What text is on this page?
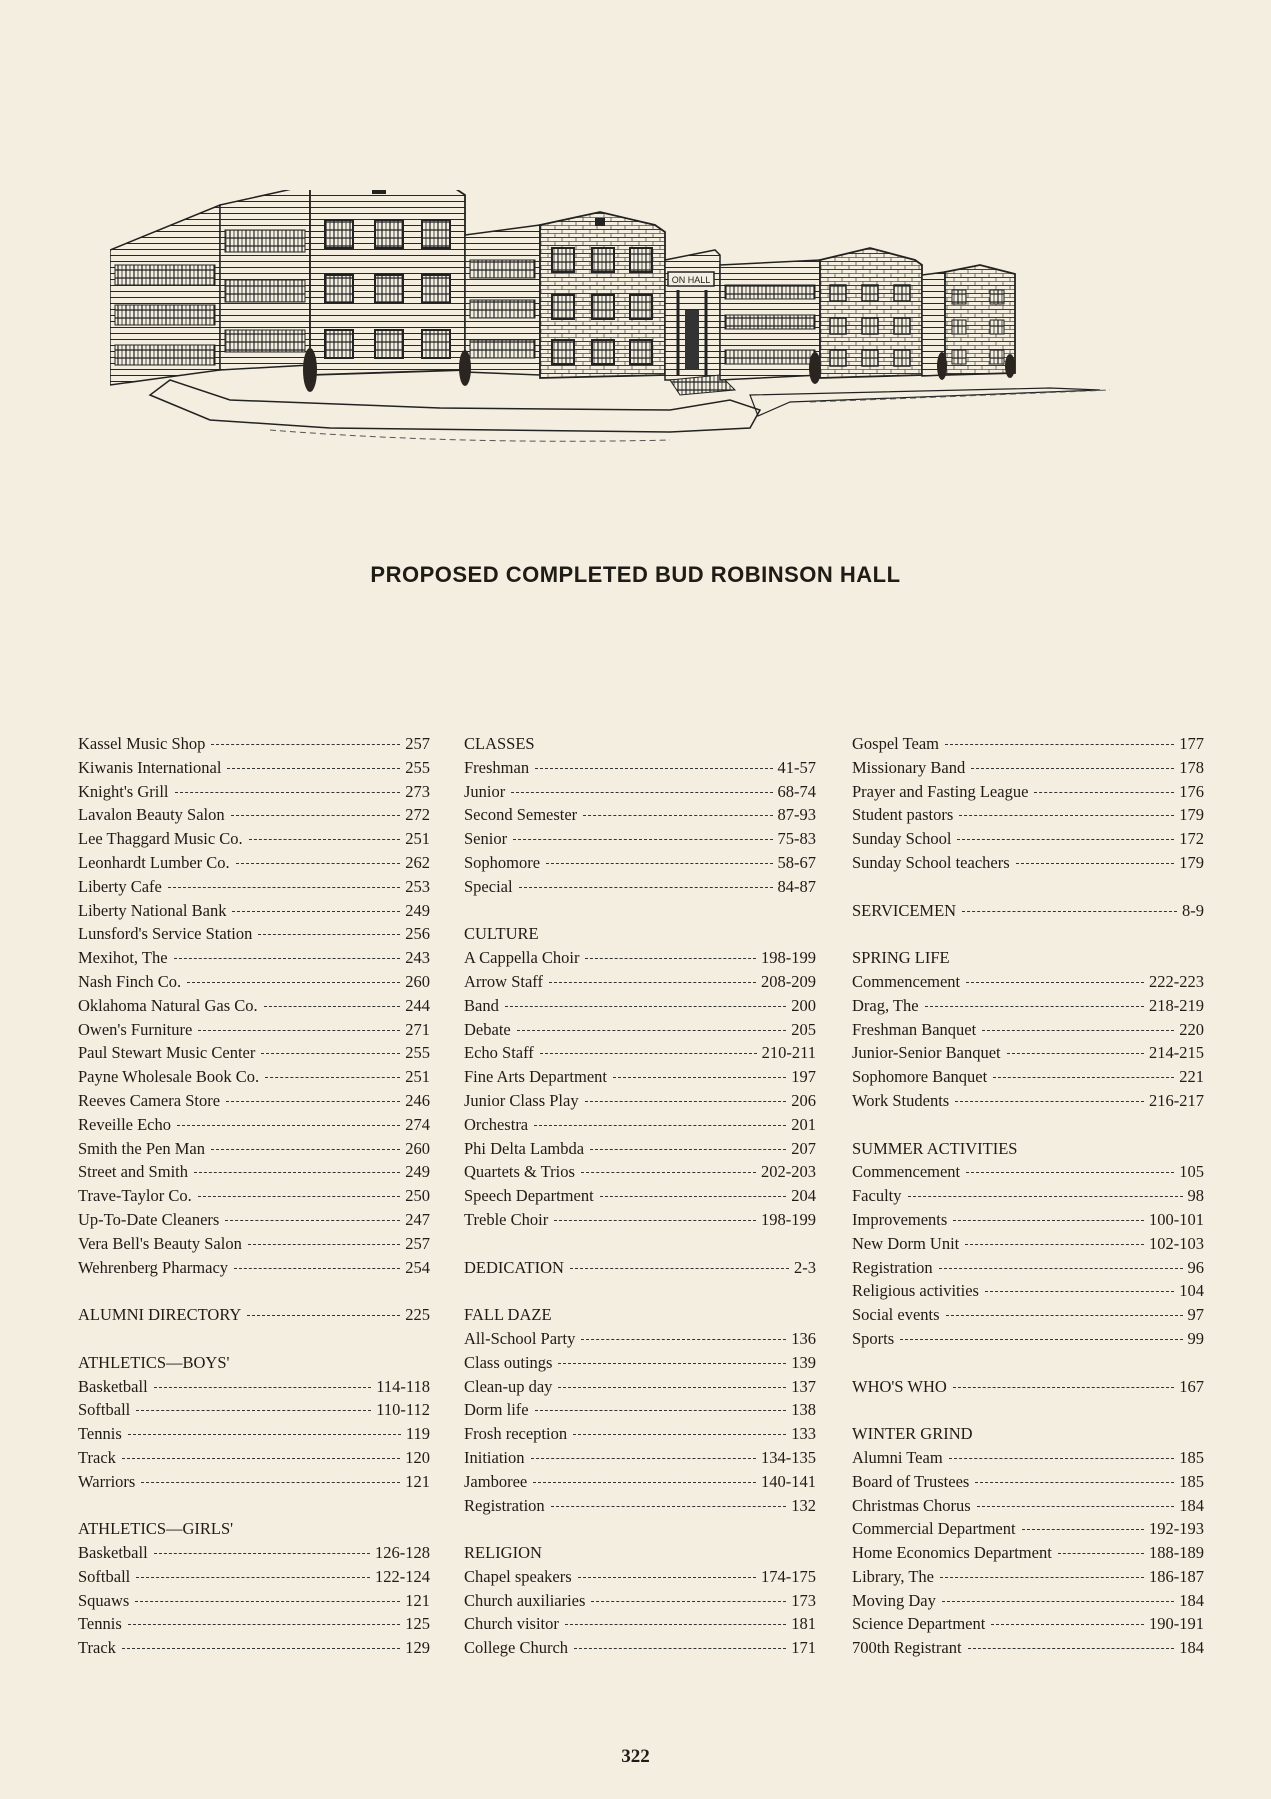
ON HALL
PROPOSED COMPLETED BUD ROBINSON HALL
Kassel Music Shop	257
Kiwanis International	255
Knight's Grill	273
Lavalon Beauty Salon	272
Lee Thaggard Music Co.	251
Leonhardt Lumber Co.	262
Liberty Cafe	253
Liberty National Bank	249
Lunsford's Service Station	256
Mexihot, The	243
Nash Finch Co.	260
Oklahoma Natural Gas Co.	244
Owen's Furniture	271
Paul Stewart Music Center	255
Payne Wholesale Book Co.	251
Reeves Camera Store	246
Reveille Echo	274
Smith the Pen Man	260
Street and Smith	249
Trave-Taylor Co.	250
Up-To-Date Cleaners	247
Vera Bell's Beauty Salon	257
Wehrenberg Pharmacy	254
ALUMNI DIRECTORY	225
ATHLETICS—BOYS'
Basketball	114-118
Softball	110-112
Tennis	119
Track	120
Warriors	121
ATHLETICS—GIRLS'
Basketball	126-128
Softball	122-124
Squaws	121
Tennis	125
Track	129
CLASSES
Freshman	41-57
Junior	68-74
Second Semester	87-93
Senior	75-83
Sophomore	58-67
Special	84-87
CULTURE
A Cappella Choir	198-199
Arrow Staff	208-209
Band	200
Debate	205
Echo Staff	210-211
Fine Arts Department	197
Junior Class Play	206
Orchestra	201
Phi Delta Lambda	207
Quartets & Trios	202-203
Speech Department	204
Treble Choir	198-199
DEDICATION	2-3
FALL DAZE
All-School Party	136
Class outings	139
Clean-up day	137
Dorm life	138
Frosh reception	133
Initiation	134-135
Jamboree	140-141
Registration	132
RELIGION
Chapel speakers	174-175
Church auxiliaries	173
Church visitor	181
College Church	171
Gospel Team	177
Missionary Band	178
Prayer and Fasting League	176
Student pastors	179
Sunday School	172
Sunday School teachers	179
SERVICEMEN	8-9
SPRING LIFE
Commencement	222-223
Drag, The	218-219
Freshman Banquet	220
Junior-Senior Banquet	214-215
Sophomore Banquet	221
Work Students	216-217
SUMMER ACTIVITIES
Commencement	105
Faculty	98
Improvements	100-101
New Dorm Unit	102-103
Registration	96
Religious activities	104
Social events	97
Sports	99
WHO'S WHO	167
WINTER GRIND
Alumni Team	185
Board of Trustees	185
Christmas Chorus	184
Commercial Department	192-193
Home Economics Department	188-189
Library, The	186-187
Moving Day	184
Science Department	190-191
700th Registrant	184
322
